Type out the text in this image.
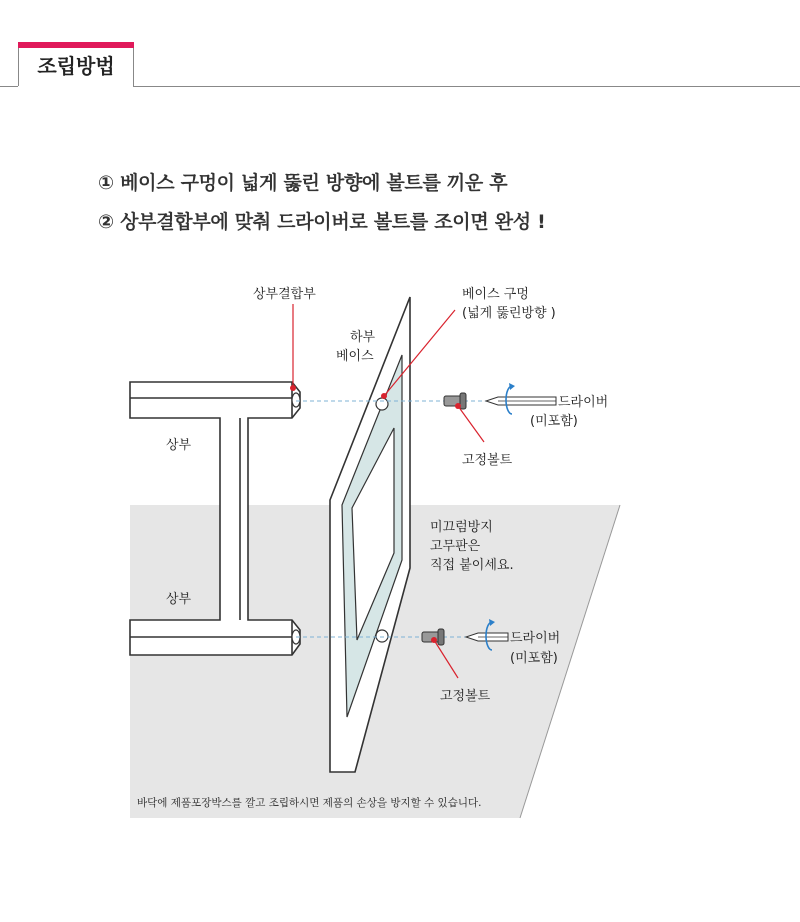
조립방법
① 베이스 구멍이 넓게 뚫린 방향에 볼트를 끼운 후
② 상부결합부에 맞춰 드라이버로 볼트를 조이면 완성 !
상부결합부
하부
베이스
베이스 구멍
(넓게 뚫린방향 )
상부
상부
드라이버
(미포함)
고정볼트
미끄럼방지
고무판은
직접 붙이세요.
드라이버
(미포함)
고정볼트
바닥에 제품포장박스를 깔고 조립하시면 제품의 손상을 방지할 수 있습니다.
